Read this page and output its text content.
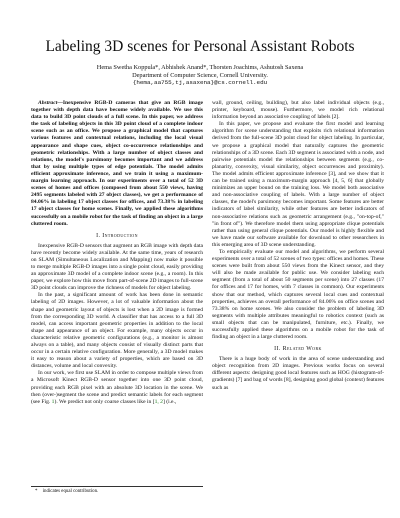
Labeling 3D scenes for Personal Assistant Robots
Hema Swetha Koppula*, Abhishek Anand*, Thorsten Joachims, Ashutosh Saxena
Department of Computer Science, Cornell University.
{hema,aa755,tj,asaxena}@cs.cornell.edu

Abstract—Inexpensive RGB-D cameras that give an RGB image together with depth data have become widely available. We use this data to build 3D point clouds of a full scene. In this paper, we address the task of labeling objects in this 3D point cloud of a complete indoor scene such as an office. We propose a graphical model that captures various features and contextual relations, including the local visual appearance and shape cues, object co-occurrence relationships and geometric relationships. With a large number of object classes and relations, the model's parsimony becomes important and we address that by using multiple types of edge potentials. The model admits efficient approximate inference, and we train it using a maximum-margin learning approach. In our experiments over a total of 52 3D scenes of homes and offices (composed from about 550 views, having 2495 segments labeled with 27 object classes), we get a performance of 84.06% in labeling 17 object classes for offices, and 73.38% in labeling 17 object classes for home scenes. Finally, we applied these algorithms successfully on a mobile robot for the task of finding an object in a large cluttered room.

I. Introduction

Inexpensive RGB-D sensors that augment an RGB image with depth data have recently become widely available. At the same time, years of research on SLAM (Simultaneous Localization and Mapping) now make it possible to merge multiple RGB-D images into a single point cloud, easily providing an approximate 3D model of a complete indoor scene (e.g., a room). In this paper, we explore how this move from part-of-scene 2D images to full-scene 3D point clouds can improve the richness of models for object labeling.

In the past, a significant amount of work has been done in semantic labeling of 2D images. However, a lot of valuable information about the shape and geometric layout of objects is lost when a 2D image is formed from the corresponding 3D world. A classifier that has access to a full 3D model, can access important geometric properties in addition to the local shape and appearance of an object. For example, many objects occur in characteristic relative geometric configurations (e.g., a monitor is almost always on a table), and many objects consist of visually distinct parts that occur in a certain relative configuration. More generally, a 3D model makes it easy to reason about a variety of properties, which are based on 3D distances, volume and local convexity.

In our work, we first use SLAM in order to compose multiple views from a Microsoft Kinect RGB-D sensor together into one 3D point cloud, providing each RGB pixel with an absolute 3D location in the scene. We then (over-)segment the scene and predict semantic labels for each segment (see Fig. 1). We predict not only coarse classes like in [1, 2] (i.e.,

* indicates equal contribution.

wall, ground, ceiling, building), but also label individual objects (e.g., printer, keyboard, mouse). Furthermore, we model rich relational information beyond an associative coupling of labels [2].

In this paper, we propose and evaluate the first model and learning algorithm for scene understanding that exploits rich relational information derived from the full-scene 3D point cloud for object labeling. In particular, we propose a graphical model that naturally captures the geometric relationships of a 3D scene. Each 3D segment is associated with a node, and pairwise potentials model the relationships between segments (e.g., co-planarity, convexity, visual similarity, object occurrences and proximity). The model admits efficient approximate inference [3], and we show that it can be trained using a maximum-margin approach [4, 5, 6] that globally minimizes an upper bound on the training loss. We model both associative and non-associative coupling of labels. With a large number of object classes, the model's parsimony becomes important. Some features are better indicators of label similarity, while other features are better indicators of non-associative relations such as geometric arrangement (e.g., "on-top-of," "in front of"). We therefore model them using appropriate clique potentials rather than using general clique potentials. Our model is highly flexible and we have made our software available for download to other researchers in this emerging area of 3D scene understanding.

To empirically evaluate our model and algorithms, we perform several experiments over a total of 52 scenes of two types: offices and homes. These scenes were built from about 550 views from the Kinect sensor, and they will also be made available for public use. We consider labeling each segment (from a total of about 50 segments per scene) into 27 classes (17 for offices and 17 for homes, with 7 classes in common). Our experiments show that our method, which captures several local cues and contextual properties, achieves an overall performance of 84.06% on office scenes and 73.38% on home scenes. We also consider the problem of labeling 3D segments with multiple attributes meaningful to robotics context (such as small objects that can be manipulated, furniture, etc.). Finally, we successfully applied these algorithms on a mobile robot for the task of finding an object in a large cluttered room.

II. Related Work

There is a huge body of work in the area of scene understanding and object recognition from 2D images. Previous works focus on several different aspects: designing good local features such as HOG (histogram-of-gradients) [7] and bag of words [8], designing good global (context) features such as
